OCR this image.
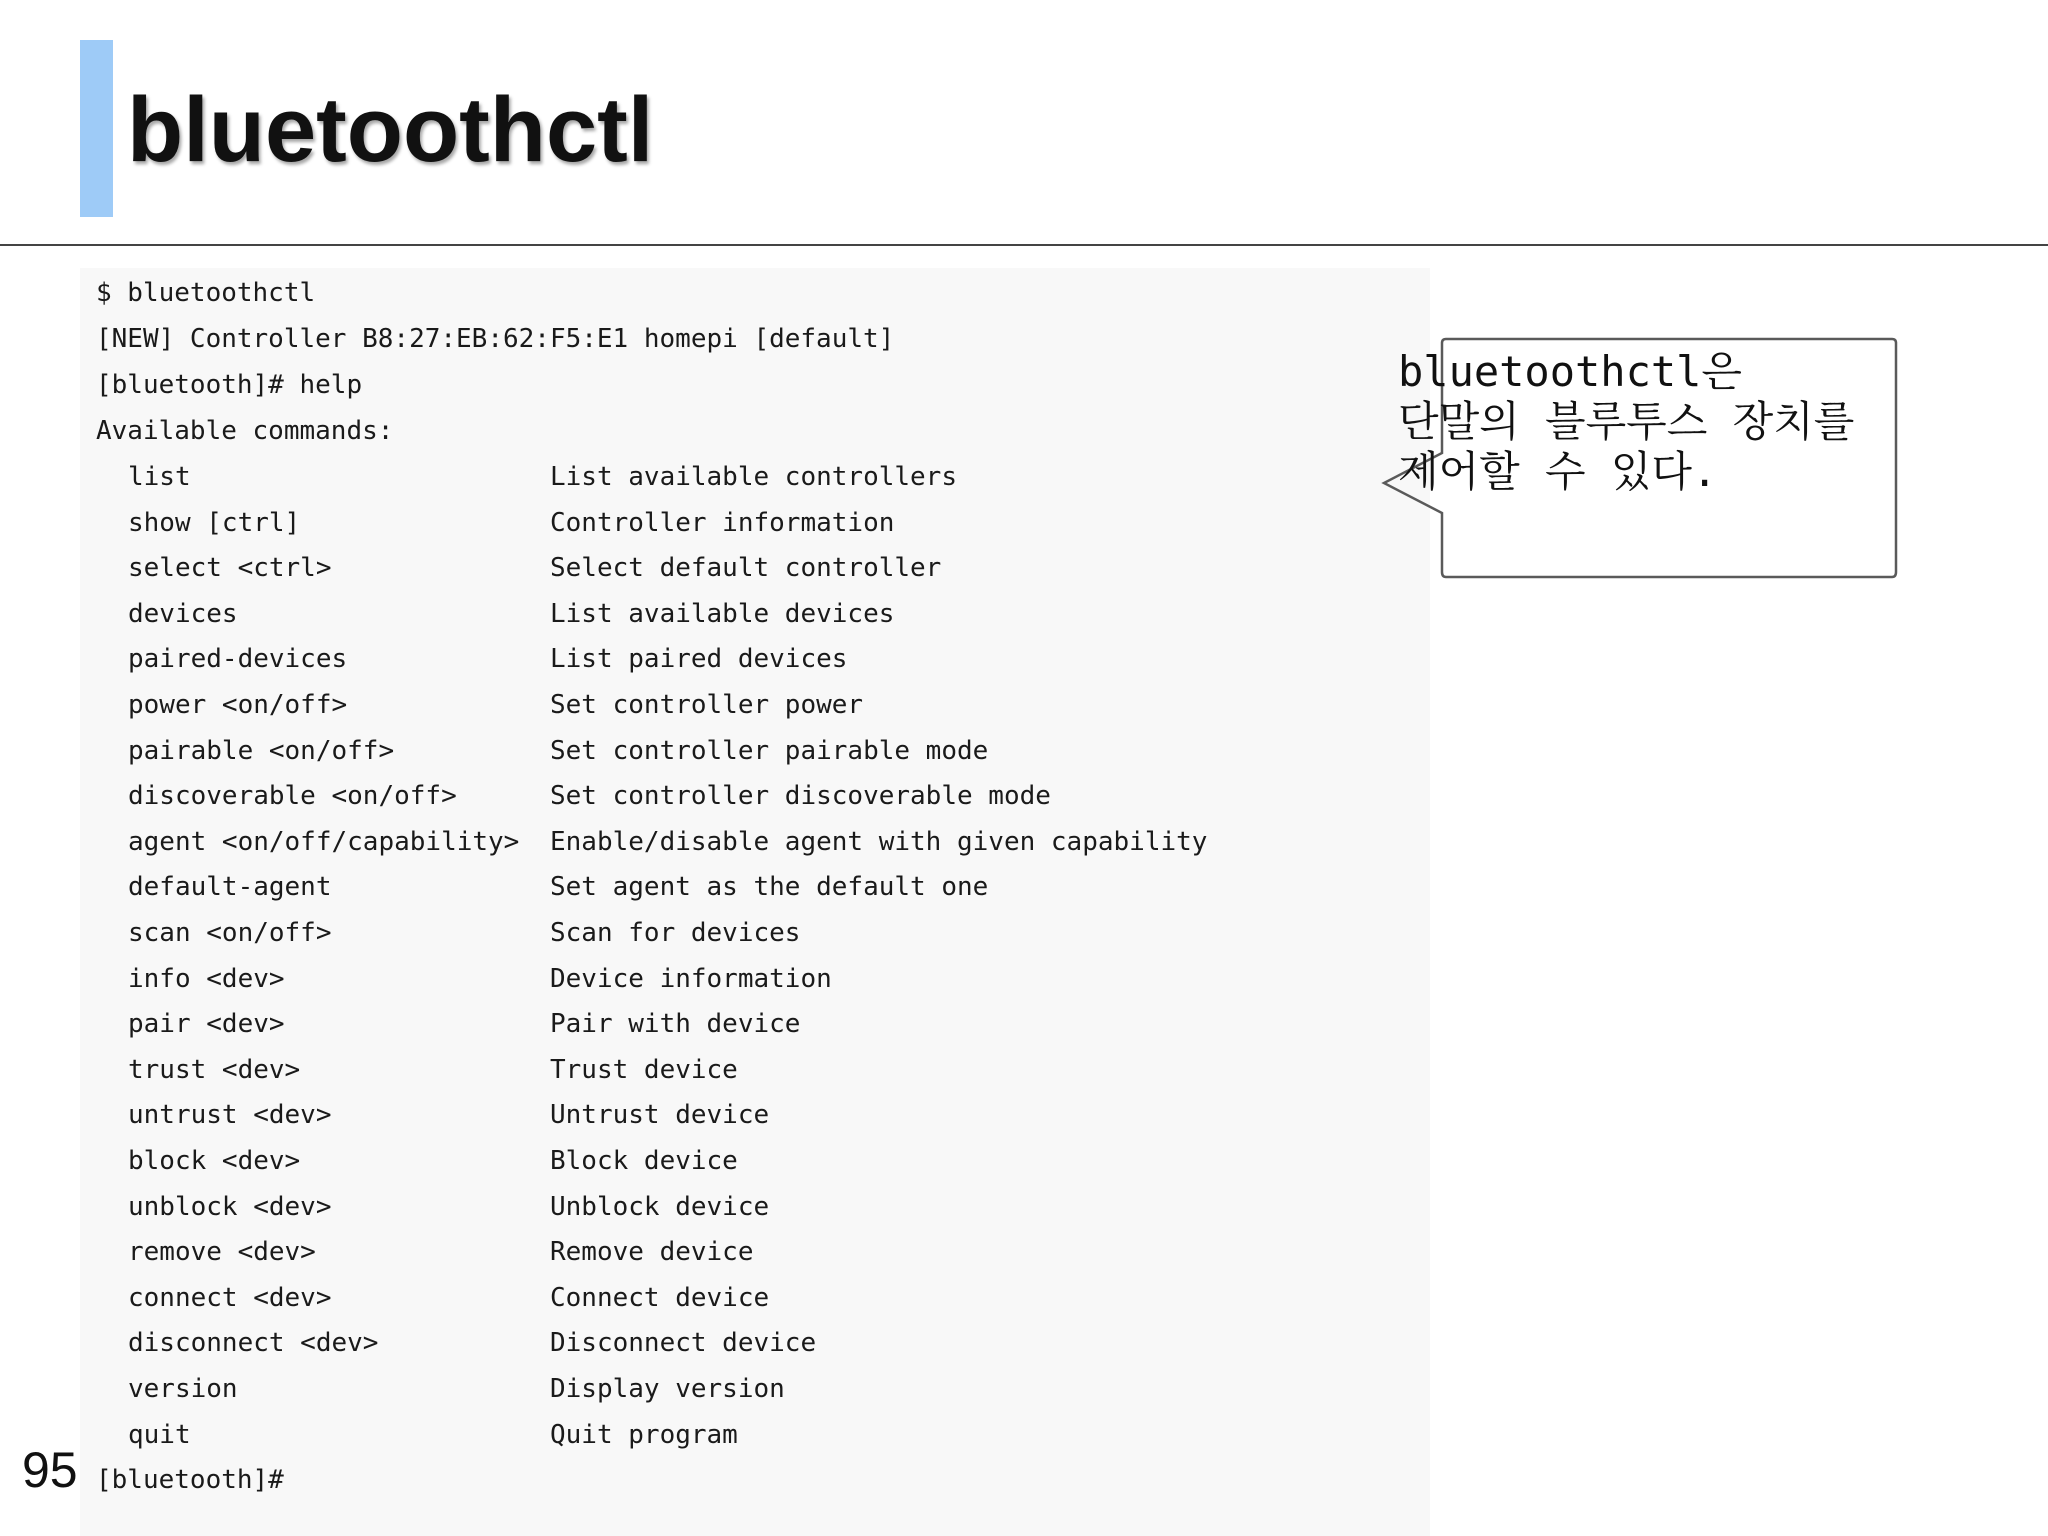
bluetoothctl
$ bluetoothctl
[NEW] Controller B8:27:EB:62:F5:E1 homepi [default]
[bluetooth]# help
Available commands:
list	List available controllers
show [ctrl]	Controller information
select <ctrl>	Select default controller
devices	List available devices
paired-devices	List paired devices
power <on/off>	Set controller power
pairable <on/off>	Set controller pairable mode
discoverable <on/off>	Set controller discoverable mode
agent <on/off/capability> Enable/disable agent with given capability
default-agent	Set agent as the default one
scan <on/off>	Scan for devices
info <dev>	Device information
pair <dev>	Pair with device
trust <dev>	Trust device
untrust <dev>	Untrust device
block <dev>	Block device
unblock <dev>	Unblock device
remove <dev>	Remove device
connect <dev>	Connect device
disconnect <dev>	Disconnect device
version	Display version
quit	Quit program
[bluetooth]#
95
bluetoothctl은 단말의 블루투스 장치를 제어할 수 있다.
